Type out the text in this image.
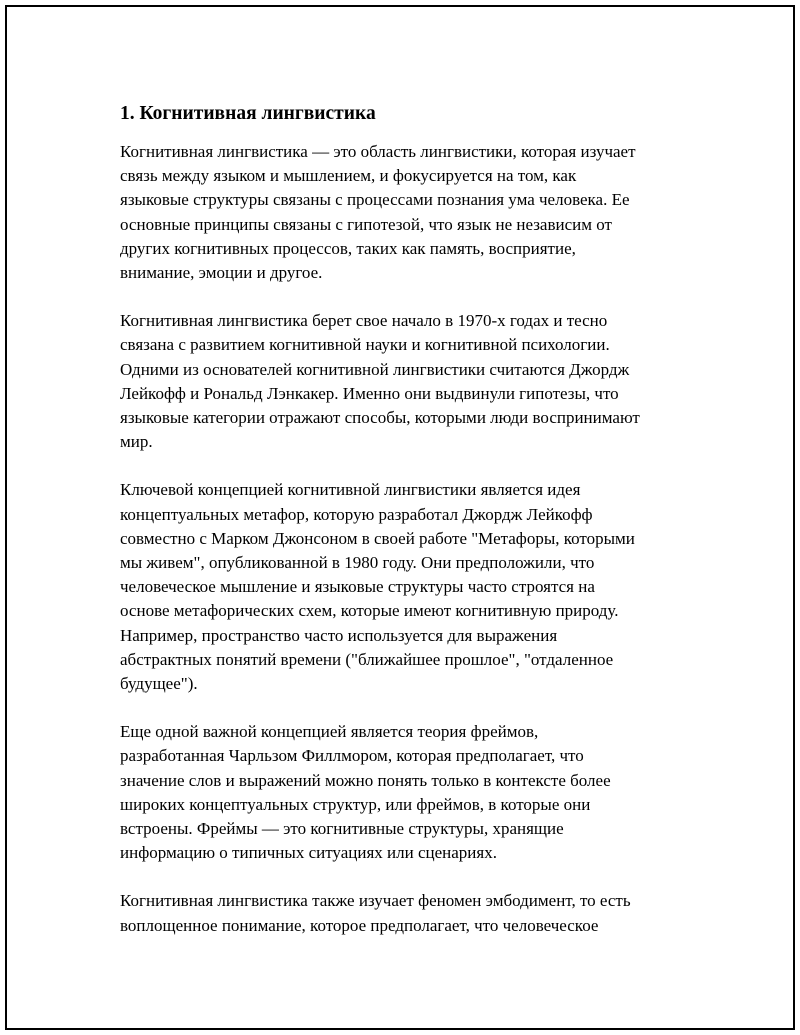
1. Когнитивная лингвистика

Когнитивная лингвистика — это область лингвистики, которая изучает
связь между языком и мышлением, и фокусируется на том, как
языковые структуры связаны с процессами познания ума человека. Ее
основные принципы связаны с гипотезой, что язык не независим от
других когнитивных процессов, таких как память, восприятие,
внимание, эмоции и другое.

Когнитивная лингвистика берет свое начало в 1970-х годах и тесно
связана с развитием когнитивной науки и когнитивной психологии.
Одними из основателей когнитивной лингвистики считаются Джордж
Лейкофф и Рональд Лэнкакер. Именно они выдвинули гипотезы, что
языковые категории отражают способы, которыми люди воспринимают
мир.

Ключевой концепцией когнитивной лингвистики является идея
концептуальных метафор, которую разработал Джордж Лейкофф
совместно с Марком Джонсоном в своей работе "Метафоры, которыми
мы живем", опубликованной в 1980 году. Они предположили, что
человеческое мышление и языковые структуры часто строятся на
основе метафорических схем, которые имеют когнитивную природу.
Например, пространство часто используется для выражения
абстрактных понятий времени ("ближайшее прошлое", "отдаленное
будущее").

Еще одной важной концепцией является теория фреймов,
разработанная Чарльзом Филлмором, которая предполагает, что
значение слов и выражений можно понять только в контексте более
широких концептуальных структур, или фреймов, в которые они
встроены. Фреймы — это когнитивные структуры, хранящие
информацию о типичных ситуациях или сценариях.

Когнитивная лингвистика также изучает феномен эмбодимент, то есть
воплощенное понимание, которое предполагает, что человеческое
